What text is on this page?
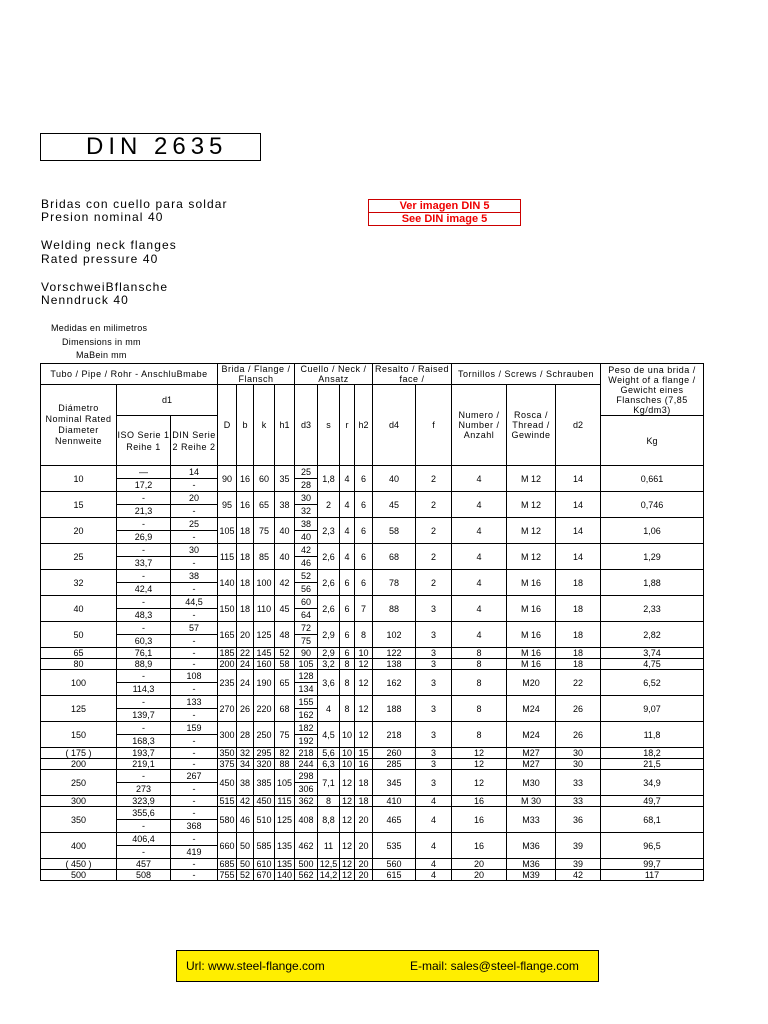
DIN 2635
Bridas con cuello para soldar
Presion nominal 40
Welding neck flanges
Rated pressure 40
VorschweiBflansche
Nenndruck 40
Ver imagen DIN 5
See DIN image 5
Medidas en milimetros
Dimensions in mm
MaBein mm
Tubo / Pipe / Rohr - AnschluBmabe			Brida / Flange / Flansch				Cuello / Neck / Ansatz				Resalto / Raised face /		Tornillos / Screws / Schrauben			Peso de una brida / Weight of a flange / Gewicht eines Flansches (7,85 Kg/dm3)
Diámetro Nominal Rated Diameter Nennweite	d1		D	b	k	h1	d3	s	r	h2	d4	f	Numero / Number / Anzahl	Rosca / Thread / Gewinde	d2	
	ISO Serie 1 Reihe 1	DIN Serie 2 Reihe 2														Kg
10	—	14	90	16	60	35	25	1,8	4	6	40	2	4	M 12	14	0,661
	17,2	-					28									
15	-	20	95	16	65	38	30	2	4	6	45	2	4	M 12	14	0,746
	21,3	-					32									
20	-	25	105	18	75	40	38	2,3	4	6	58	2	4	M 12	14	1,06
	26,9	-					40									
25	-	30	115	18	85	40	42	2,6	4	6	68	2	4	M 12	14	1,29
	33,7	-					46									
32	-	38	140	18	100	42	52	2,6	6	6	78	2	4	M 16	18	1,88
	42,4	-					56									
40	-	44,5	150	18	110	45	60	2,6	6	7	88	3	4	M 16	18	2,33
	48,3	-					64									
50	-	57	165	20	125	48	72	2,9	6	8	102	3	4	M 16	18	2,82
	60,3	-					75									
65	76,1	-	185	22	145	52	90	2,9	6	10	122	3	8	M 16	18	3,74
80	88,9	-	200	24	160	58	105	3,2	8	12	138	3	8	M 16	18	4,75
100	-	108	235	24	190	65	128	3,6	8	12	162	3	8	M20	22	6,52
	114,3	-					134									
125	-	133	270	26	220	68	155	4	8	12	188	3	8	M24	26	9,07
	139,7	-					162									
150	-	159	300	28	250	75	182	4,5	10	12	218	3	8	M24	26	11,8
	168,3	-					192									
( 175 )	193,7	-	350	32	295	82	218	5,6	10	15	260	3	12	M27	30	18,2
200	219,1	-	375	34	320	88	244	6,3	10	16	285	3	12	M27	30	21,5
250	-	267	450	38	385	105	298	7,1	12	18	345	3	12	M30	33	34,9
	273	-					306									
300	323,9	-	515	42	450	115	362	8	12	18	410	4	16	M 30	33	49,7
350	355,6	-	580	46	510	125	408	8,8	12	20	465	4	16	M33	36	68,1
	-	368														
400	406,4	-	660	50	585	135	462	11	12	20	535	4	16	M36	39	96,5
	-	419														
( 450 )	457	-	685	50	610	135	500	12,5	12	20	560	4	20	M36	39	99,7
500	508	-	755	52	670	140	562	14,2	12	20	615	4	20	M39	42	117
Url: www.steel-flange.com	E-mail: sales@steel-flange.com
